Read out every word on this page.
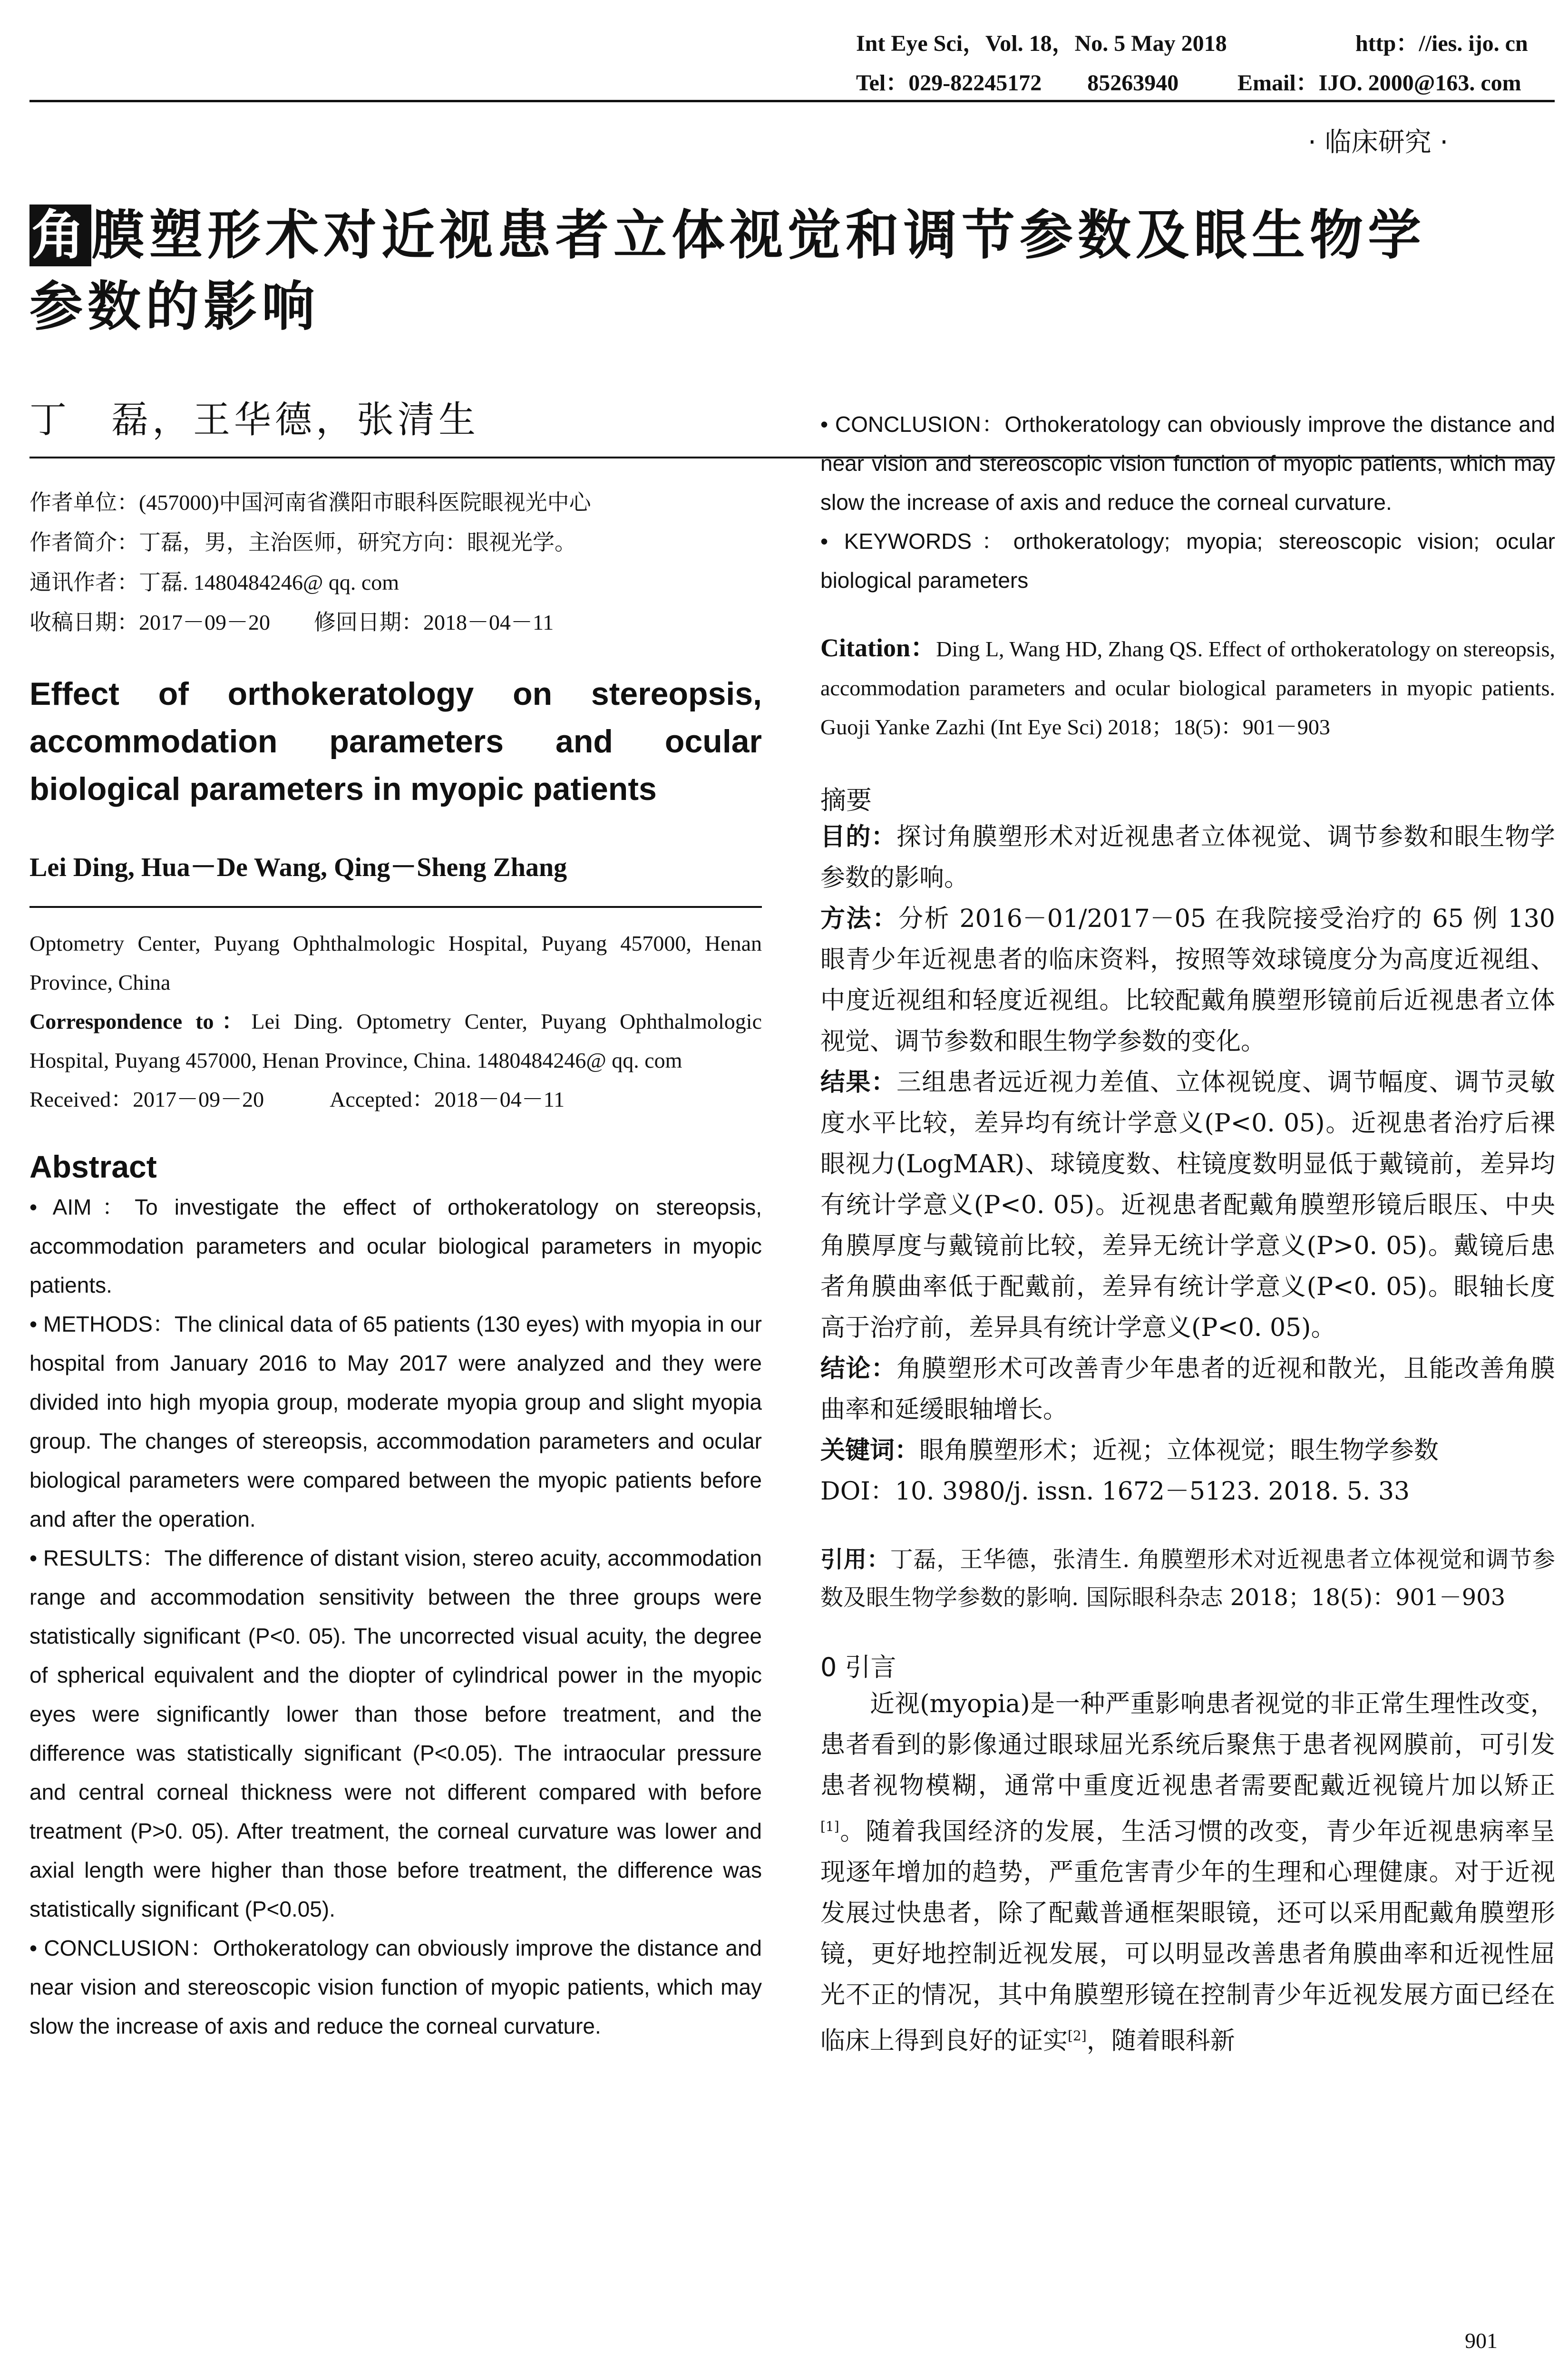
Int Eye Sci，Vol. 18，No. 5 May 2018	http：//ies. ijo. cn
Tel：029-82245172　　85263940	Email：IJO. 2000@163. com
· 临床研究 ·
角膜塑形术对近视患者立体视觉和调节参数及眼生物学
参数的影响
丁　磊，王华德，张清生
作者单位：(457000)中国河南省濮阳市眼科医院眼视光中心
作者简介：丁磊，男，主治医师，研究方向：眼视光学。
通讯作者：丁磊. 1480484246@ qq. com
收稿日期：2017－09－20　　修回日期：2018－04－11
Effect of orthokeratology on stereopsis,
accommodation parameters and ocular
biological parameters in myopic patients
Lei Ding, Hua－De Wang, Qing－Sheng Zhang
Optometry Center, Puyang Ophthalmologic Hospital, Puyang 457000, Henan Province, China
Correspondence to：Lei Ding. Optometry Center, Puyang Ophthalmologic Hospital, Puyang 457000, Henan Province, China. 1480484246@ qq. com
Received：2017－09－20　　　Accepted：2018－04－11
Abstract
• AIM：To investigate the effect of orthokeratology on stereopsis, accommodation parameters and ocular biological parameters in myopic patients.
• METHODS：The clinical data of 65 patients (130 eyes) with myopia in our hospital from January 2016 to May 2017 were analyzed and they were divided into high myopia group, moderate myopia group and slight myopia group. The changes of stereopsis, accommodation parameters and ocular biological parameters were compared between the myopic patients before and after the operation.
• RESULTS：The difference of distant vision, stereo acuity, accommodation range and accommodation sensitivity between the three groups were statistically significant (P<0. 05). The uncorrected visual acuity, the degree of spherical equivalent and the diopter of cylindrical power in the myopic eyes were significantly lower than those before treatment, and the difference was statistically significant (P<0.05). The intraocular pressure and central corneal thickness were not different compared with before treatment (P>0. 05). After treatment, the corneal curvature was lower and axial length were higher than those before treatment, the difference was statistically significant (P<0.05).
• CONCLUSION：Orthokeratology can obviously improve the distance and near vision and stereoscopic vision function of myopic patients, which may slow the increase of axis and reduce the corneal curvature.
• CONCLUSION：Orthokeratology can obviously improve the distance and near vision and stereoscopic vision function of myopic patients, which may slow the increase of axis and reduce the corneal curvature.
• KEYWORDS：orthokeratology; myopia; stereoscopic vision; ocular biological parameters
Citation：Ding L, Wang HD, Zhang QS. Effect of orthokeratology on stereopsis, accommodation parameters and ocular biological parameters in myopic patients. Guoji Yanke Zazhi (Int Eye Sci) 2018；18(5)：901－903
摘要
目的：探讨角膜塑形术对近视患者立体视觉、调节参数和眼生物学参数的影响。
方法：分析 2016－01/2017－05 在我院接受治疗的 65 例 130 眼青少年近视患者的临床资料，按照等效球镜度分为高度近视组、中度近视组和轻度近视组。比较配戴角膜塑形镜前后近视患者立体视觉、调节参数和眼生物学参数的变化。
结果：三组患者远近视力差值、立体视锐度、调节幅度、调节灵敏度水平比较，差异均有统计学意义(P<0. 05)。近视患者治疗后裸眼视力(LogMAR)、球镜度数、柱镜度数明显低于戴镜前，差异均有统计学意义(P<0. 05)。近视患者配戴角膜塑形镜后眼压、中央角膜厚度与戴镜前比较，差异无统计学意义(P>0. 05)。戴镜后患者角膜曲率低于配戴前，差异有统计学意义(P<0. 05)。眼轴长度高于治疗前，差异具有统计学意义(P<0. 05)。
结论：角膜塑形术可改善青少年患者的近视和散光，且能改善角膜曲率和延缓眼轴增长。
关键词：眼角膜塑形术；近视；立体视觉；眼生物学参数
DOI：10. 3980/j. issn. 1672－5123. 2018. 5. 33
引用：丁磊，王华德，张清生. 角膜塑形术对近视患者立体视觉和调节参数及眼生物学参数的影响. 国际眼科杂志 2018；18(5)：901－903
0 引言
近视(myopia)是一种严重影响患者视觉的非正常生理性改变，患者看到的影像通过眼球屈光系统后聚焦于患者视网膜前，可引发患者视物模糊，通常中重度近视患者需要配戴近视镜片加以矫正[1]。随着我国经济的发展，生活习惯的改变，青少年近视患病率呈现逐年增加的趋势，严重危害青少年的生理和心理健康。对于近视发展过快患者，除了配戴普通框架眼镜，还可以采用配戴角膜塑形镜，更好地控制近视发展，可以明显改善患者角膜曲率和近视性屈光不正的情况，其中角膜塑形镜在控制青少年近视发展方面已经在临床上得到良好的证实[2]，随着眼科新
901
